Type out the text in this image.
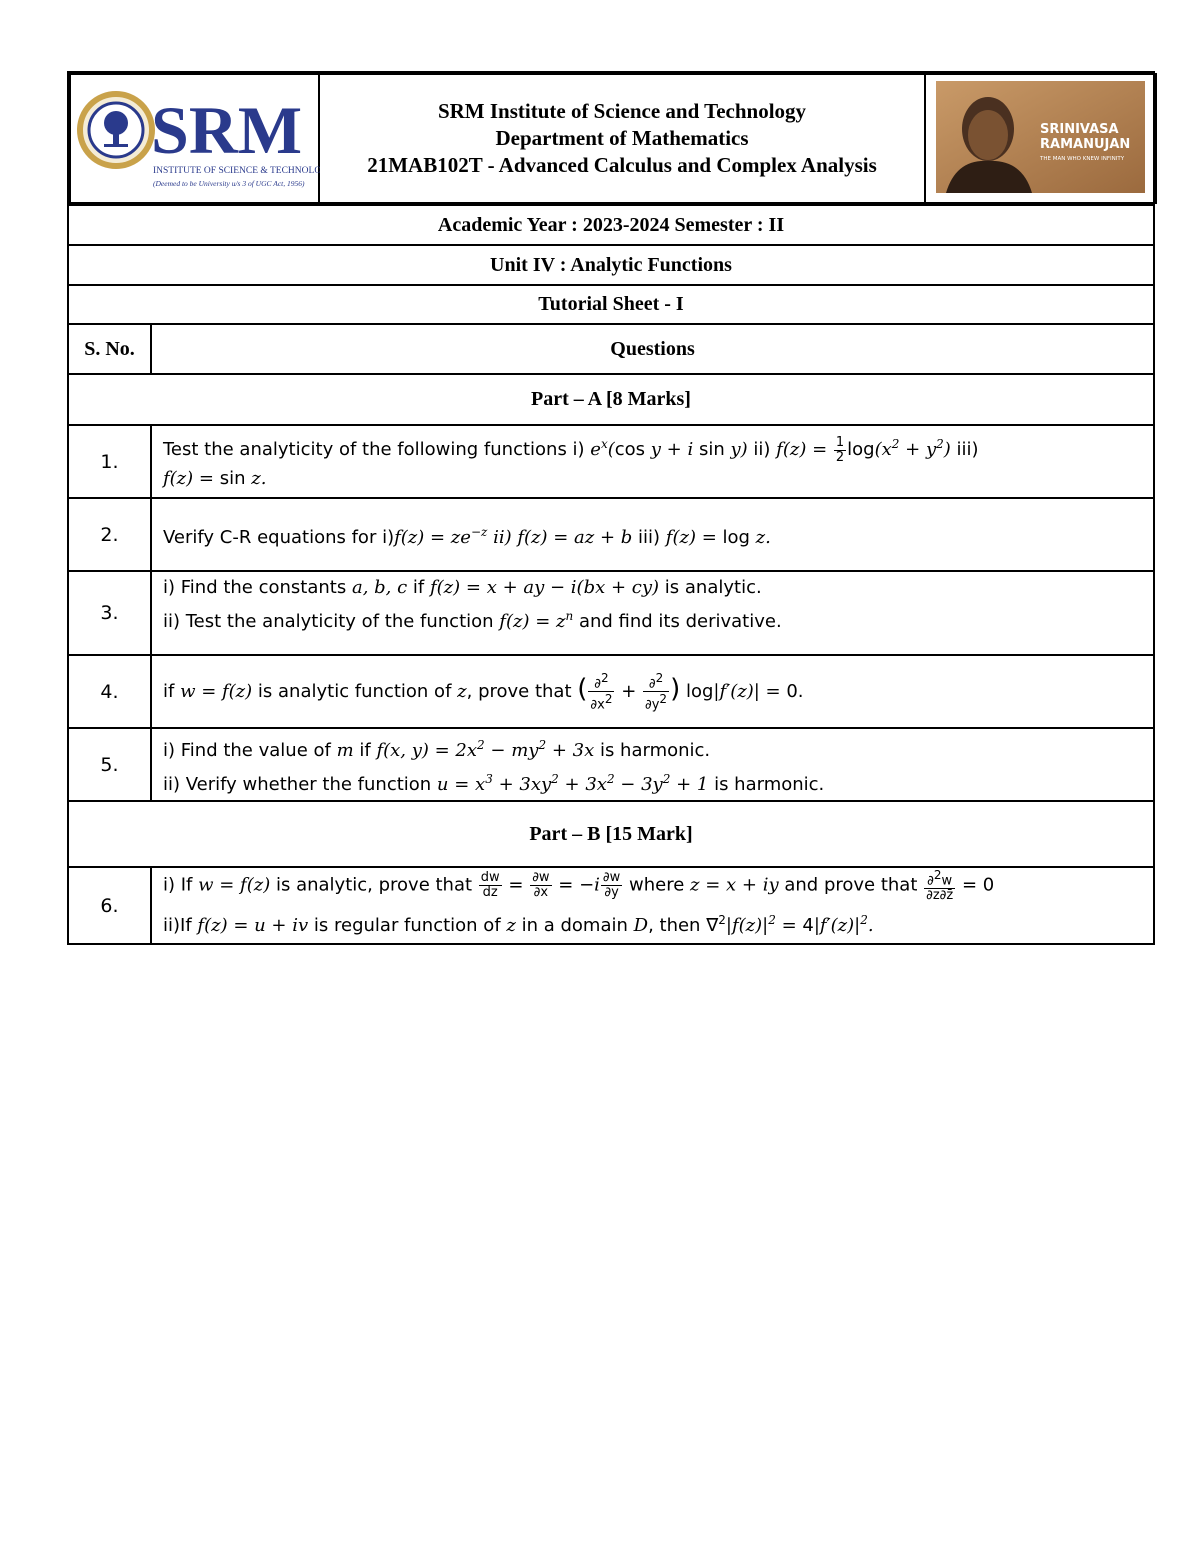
SRM
INSTITUTE OF SCIENCE & TECHNOLOGY
(Deemed to be University u/s 3 of UGC Act, 1956)

SRM Institute of Science and Technology
Department of Mathematics
21MAB102T - Advanced Calculus and Complex Analysis

SRINIVASA
RAMANUJAN
THE MAN WHO KNEW INFINITY

Academic Year : 2023-2024 Semester : II
Unit IV : Analytic Functions
Tutorial Sheet - I
S. No.	Questions
Part – A [8 Marks]
1.	Test the analyticity of the following functions i) $e^x(\cos$ y + i sin y) ii) $f(z) = \frac{1}{2} \log(x^2 + y^2)$ iii)
f(z) = sin z.
2.	Verify C-R equations for $i)f(z) = ze^{-z}$ ii) f(z) = az + b iii) f(z) = log z.
3.	i) Find the constants a, b, c if f(z) = x + ay − i(bx + cy) is analytic.
ii) Test the analyticity of the function $f(z) = z^n$ and find its derivative.
4.	if w = f(z) is analytic function of z, prove that ( $\frac{\partial^2}{\partial x^2} + \frac{\partial^2}{\partial y^2}$ ) log|f′(z)| = 0.
5.	i) Find the value of m if f(x, $y) = 2x^2 - my^2 + 3x$ is harmonic.
ii) Verify whether the function $u = x^3 + 3xy^2 + 3x^2 - 3y^2 + 1$ is harmonic.
Part – B [15 Mark]
6.	i) If w = f(z) is analytic, prove that $\frac{dw}{dz} = \frac{\partial w}{\partial x} = -i \frac{\partial w}{\partial y}$ where z = x + iy and prove that $\frac{\partial^2w}{\partial z\partial z̄} = 0$
ii)If f(z) = u + iv is regular function of z in a domain D, then $\nabla^2|f(z)|^2 = 4|f'(z)|^2$.
